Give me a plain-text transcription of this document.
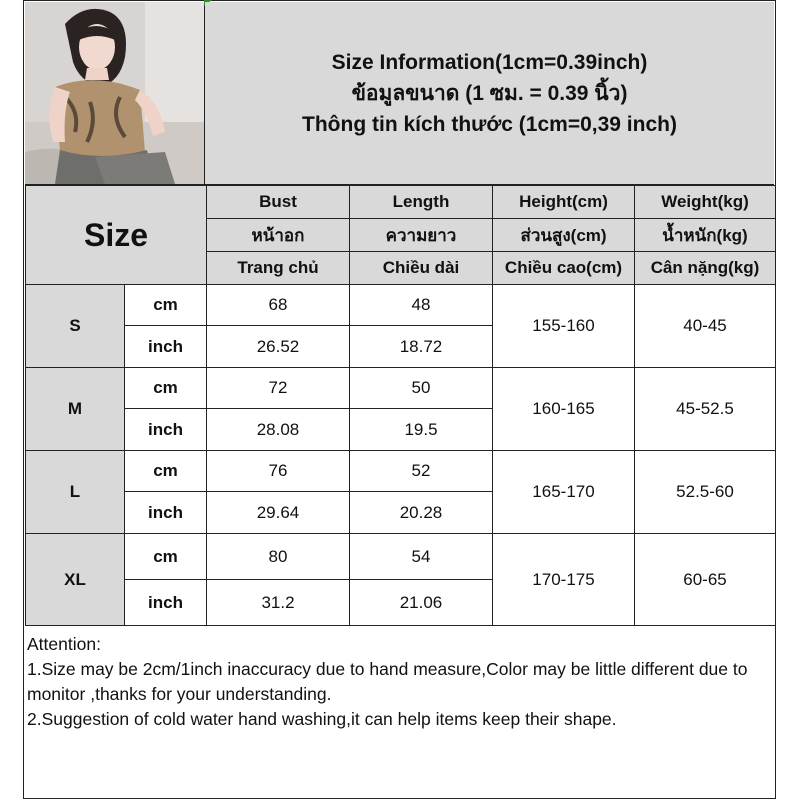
Size Information(1cm=0.39inch)
ข้อมูลขนาด (1 ซม. = 0.39 นิ้ว)
Thông tin kích thước (1cm=0,39 inch)
Size		Bust	Length	Height(cm)	Weight(kg)
		หน้าอก	ความยาว	ส่วนสูง(cm)	น้ำหนัก(kg)
		Trang chủ	Chiều dài	Chiều cao(cm)	Cân nặng(kg)
S	cm	68	48	155-160	40-45
	inch	26.52	18.72		
M	cm	72	50	160-165	45-52.5
	inch	28.08	19.5		
L	cm	76	52	165-170	52.5-60
	inch	29.64	20.28		
XL	cm	80	54	170-175	60-65
	inch	31.2	21.06		
Attention:
1.Size may be 2cm/1inch inaccuracy due to hand measure,Color may be little different due to monitor ,thanks for your understanding.
2.Suggestion of cold water hand washing,it can help items keep their shape.
